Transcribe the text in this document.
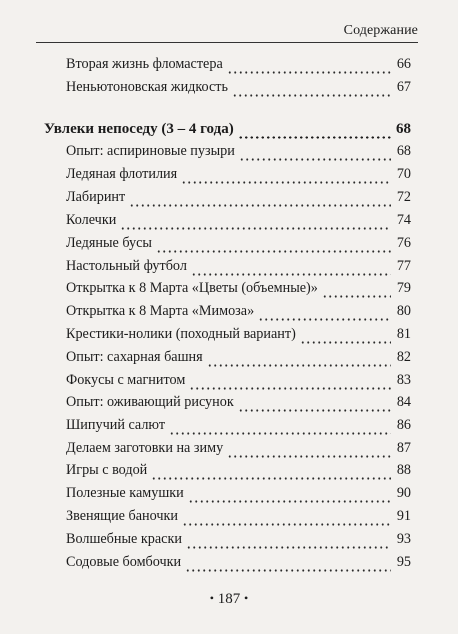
Содержание
Вторая жизнь фломастера	66
Неньютоновская жидкость	67
Увлеки непоседу (3 – 4 года)	68
Опыт: аспириновые пузыри	68
Ледяная флотилия	70
Лабиринт	72
Колечки	74
Ледяные бусы	76
Настольный футбол	77
Открытка к 8 Марта «Цветы (объемные)»	79
Открытка к 8 Марта «Мимоза»	80
Крестики-нолики (походный вариант)	81
Опыт: сахарная башня	82
Фокусы с магнитом	83
Опыт: оживающий рисунок	84
Шипучий салют	86
Делаем заготовки на зиму	87
Игры с водой	88
Полезные камушки	90
Звенящие баночки	91
Волшебные краски	93
Содовые бомбочки	95
• 187 •
